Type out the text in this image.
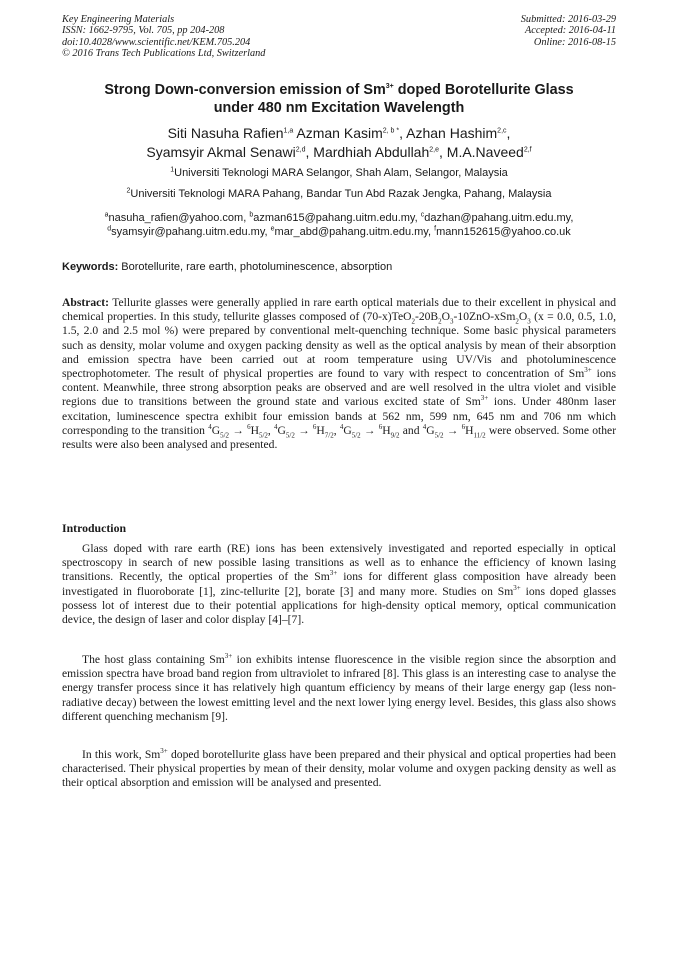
Key Engineering Materials
ISSN: 1662-9795, Vol. 705, pp 204-208
doi:10.4028/www.scientific.net/KEM.705.204
© 2016 Trans Tech Publications Ltd, Switzerland
Submitted: 2016-03-29
Accepted: 2016-04-11
Online: 2016-08-15
Strong Down-conversion emission of $Sm^{3+}$ doped Borotellurite Glass
under 480 nm Excitation Wavelength
Siti Nasuha Rafien$^{1,a}$ Azman Kasim$^{2, b *}$, Azhan Hashim$^{2,c}$,
Syamsyir Akmal Senawi$^{2,d}$, Mardhiah Abdullah$^{2,e}$, M.A.Naveed$^{2,f}$
$^1$Universiti Teknologi MARA Selangor, Shah Alam, Selangor, Malaysia
$^2$Universiti Teknologi MARA Pahang, Bandar Tun Abd Razak Jengka, Pahang, Malaysia
$^a$nasuha_rafien@yahoo.com, $^b$azman615@pahang.uitm.edu.my, $^c$dazhan@pahang.uitm.edu.my,
$^d$syamsyir@pahang.uitm.edu.my, $^e$mar_abd@pahang.uitm.edu.my, $^f$mann152615@yahoo.co.uk
Keywords: Borotellurite, rare earth, photoluminescence, absorption

Abstract: Tellurite glasses were generally applied in rare earth optical materials due to their excellent in physical and chemical properties. In this study, tellurite glasses composed of $(70-x)TeO_2-20B_2O_3-10ZnO-xSm_2O_3$ (x = 0.0, 0.5, 1.0, 1.5, 2.0 and 2.5 mol %) were prepared by conventional melt-quenching technique. Some basic physical parameters such as density, molar volume and oxygen packing density as well as the optical analysis by mean of their absorption and emission spectra have been carried out at room temperature using UV/Vis and photoluminescence spectrophotometer. The result of physical properties are found to vary with respect to concentration of $Sm^{3+}$ ions content. Meanwhile, three strong absorption peaks are observed and are well resolved in the ultra violet and visible regions due to transitions between the ground state and various excited state of $Sm^{3+}$ ions. Under 480nm laser excitation, luminescence spectra exhibit four emission bands at 562 nm, 599 nm, 645 nm and 706 nm which corresponding to the transition $^4G_{5/2} \to ^6H_{5/2}$, $^4G_{5/2} \to ^6H_{7/2}$, $^4G_{5/2} \to ^6H_{9/2}$ and $^4G_{5/2} \to ^6H_{11/2}$ were observed. Some other results were also been analysed and presented.

Introduction

Glass doped with rare earth (RE) ions has been extensively investigated and reported especially in optical spectroscopy in search of new possible lasing transitions as well as to enhance the efficiency of known lasing transitions. Recently, the optical properties of the $Sm^{3+}$ ions for different glass composition have already been investigated in fluoroborate [1], zinc-tellurite [2], borate [3] and many more. Studies on $Sm^{3+}$ ions doped glasses possess lot of interest due to their potential applications for high-density optical memory, optical communication device, the design of laser and color display [4]–[7].

The host glass containing $Sm^{3+}$ ion exhibits intense fluorescence in the visible region since the absorption and emission spectra have broad band region from ultraviolet to infrared [8]. This glass is an interesting case to analyse the energy transfer process since it has relatively high quantum efficiency by means of their large energy gap (less non-radiative decay) between the lowest emitting level and the next lower lying energy level. Besides, this glass also shows different quenching mechanism [9].

In this work, $Sm^{3+}$ doped borotellurite glass have been prepared and their physical and optical properties had been characterised. Their physical properties by mean of their density, molar volume and oxygen packing density as well as their optical absorption and emission will be analysed and presented.
